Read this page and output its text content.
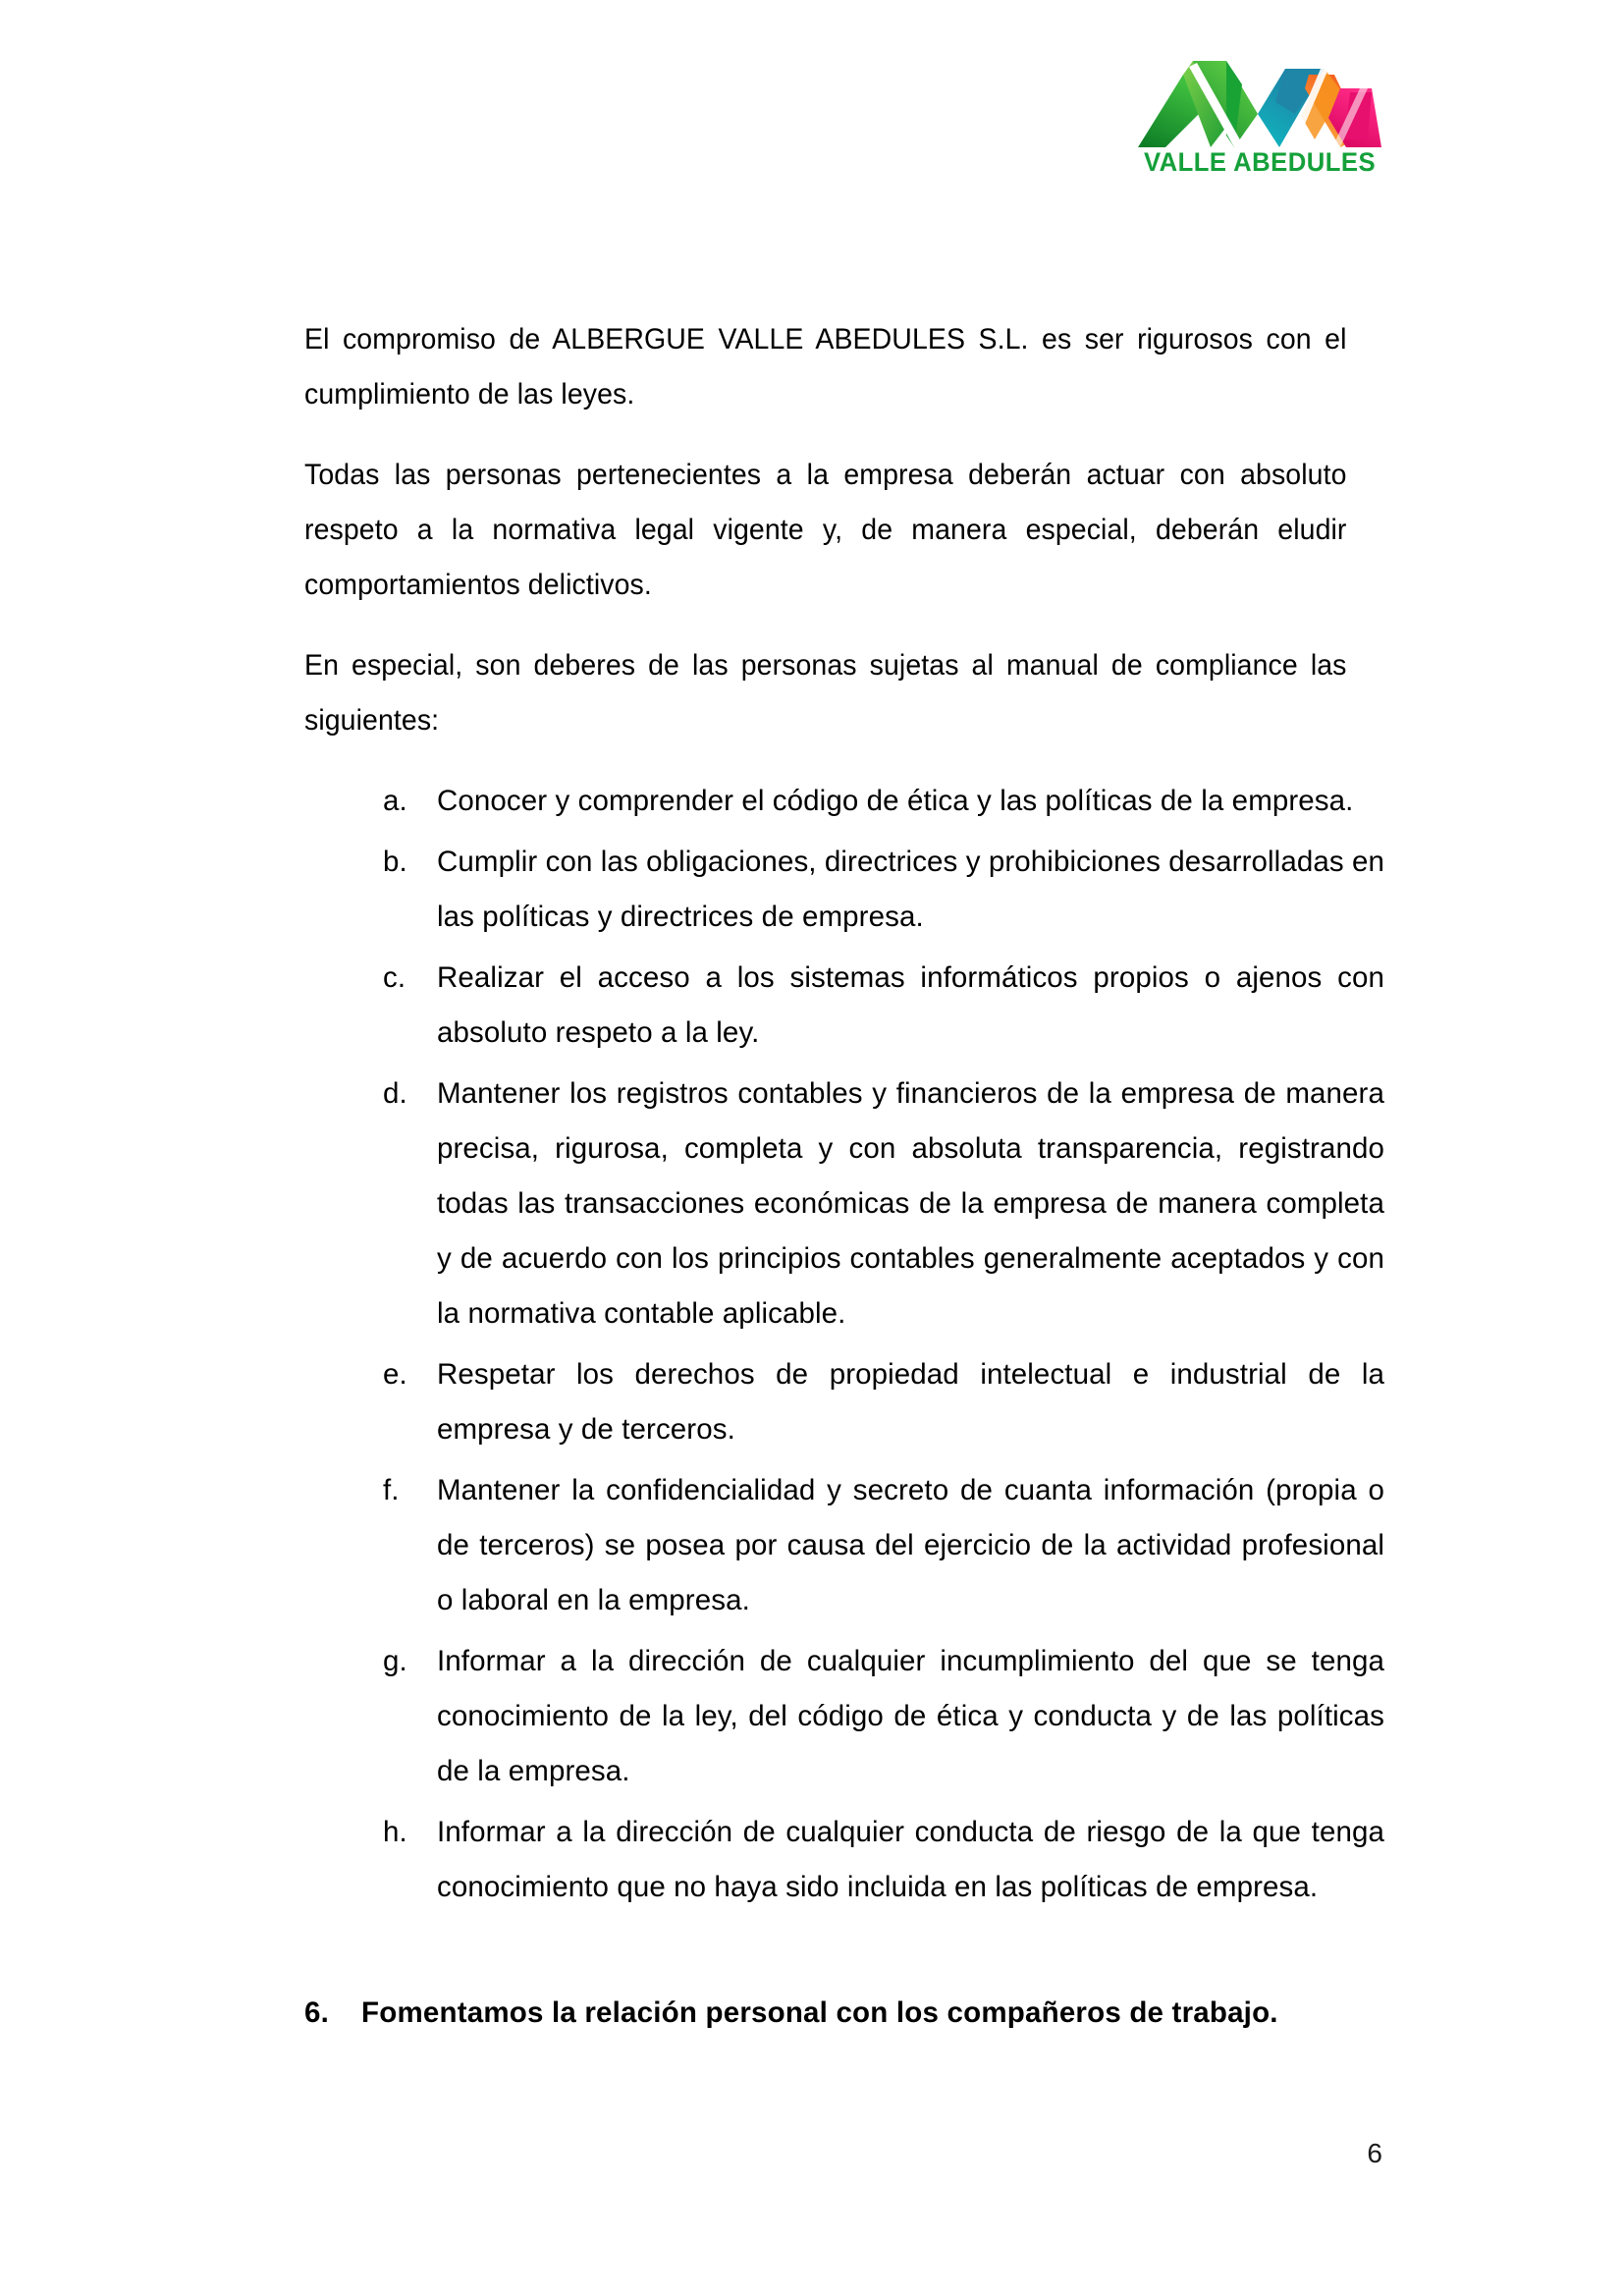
VALLE ABEDULES

El compromiso de ALBERGUE VALLE ABEDULES S.L. es ser rigurosos con el cumplimiento de las leyes.

Todas las personas pertenecientes a la empresa deberán actuar con absoluto respeto a la normativa legal vigente y, de manera especial, deberán eludir comportamientos delictivos.

En especial, son deberes de las personas sujetas al manual de compliance las siguientes:

a.	Conocer y comprender el código de ética y las políticas de la empresa.
b.	Cumplir con las obligaciones, directrices y prohibiciones desarrolladas en las políticas y directrices de empresa.
c.	Realizar el acceso a los sistemas informáticos propios o ajenos con absoluto respeto a la ley.
d.	Mantener los registros contables y financieros de la empresa de manera precisa, rigurosa, completa y con absoluta transparencia, registrando todas las transacciones económicas de la empresa de manera completa y de acuerdo con los principios contables generalmente aceptados y con la normativa contable aplicable.
e.	Respetar los derechos de propiedad intelectual e industrial de la empresa y de terceros.
f.	Mantener la confidencialidad y secreto de cuanta información (propia o de terceros) se posea por causa del ejercicio de la actividad profesional o laboral en la empresa.
g.	Informar a la dirección de cualquier incumplimiento del que se tenga conocimiento de la ley, del código de ética y conducta y de las políticas de la empresa.
h.	Informar a la dirección de cualquier conducta de riesgo de la que tenga conocimiento que no haya sido incluida en las políticas de empresa.
6. Fomentamos la relación personal con los compañeros de trabajo.
6
